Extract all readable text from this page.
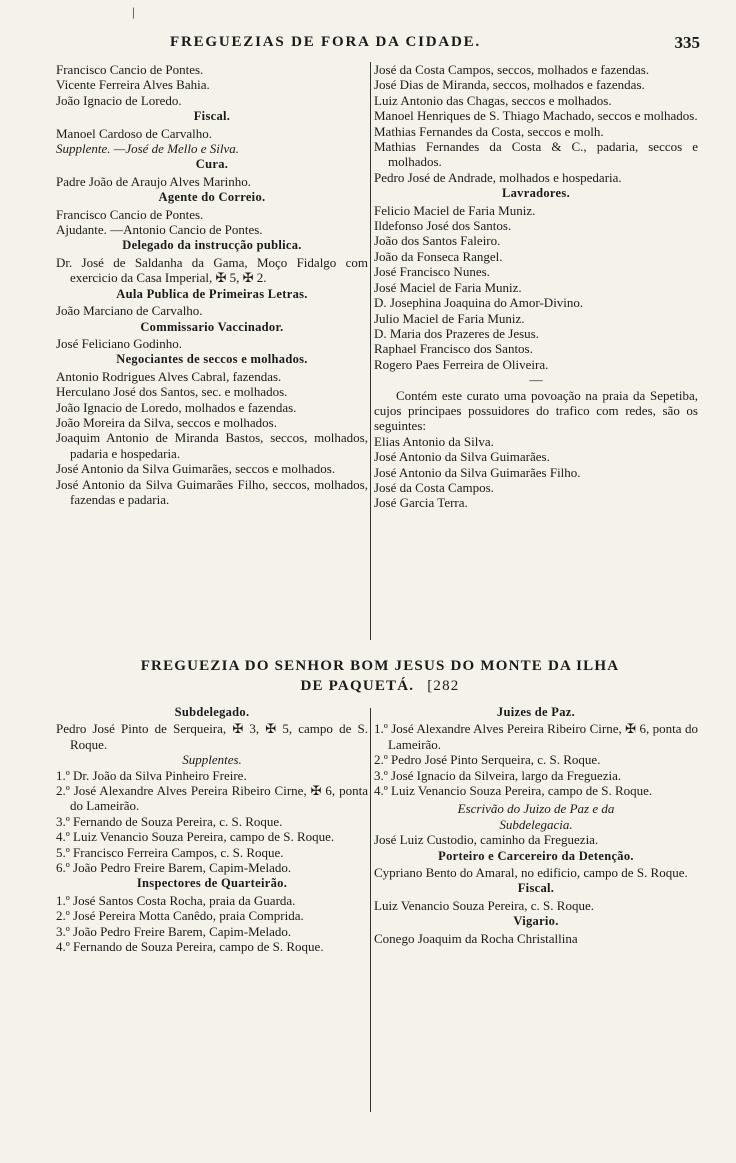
|
FREGUEZIAS DE FORA DA CIDADE.	335
Francisco Cancio de Pontes.
Vicente Ferreira Alves Bahia.
João Ignacio de Loredo.
Fiscal.
Manoel Cardoso de Carvalho.
Supplente. —José de Mello e Silva.
Cura.
Padre João de Araujo Alves Marinho.
Agente do Correio.
Francisco Cancio de Pontes.
Ajudante. —Antonio Cancio de Pontes.
Delegado da instrucção publica.
Dr. José de Saldanha da Gama, Moço Fidalgo com exercicio da Casa Imperial, ✠ 5, ✠ 2.
Aula Publica de Primeiras Letras.
João Marciano de Carvalho.
Commissario Vaccinador.
José Feliciano Godinho.
Negociantes de seccos e molhados.
Antonio Rodrigues Alves Cabral, fazendas.
Herculano José dos Santos, sec. e molhados.
João Ignacio de Loredo, molhados e fazendas.
João Moreira da Silva, seccos e molhados.
Joaquim Antonio de Miranda Bastos, seccos, molhados, padaria e hospedaria.
José Antonio da Silva Guimarães, seccos e molhados.
José Antonio da Silva Guimarães Filho, seccos, molhados, fazendas e padaria.
José da Costa Campos, seccos, molhados e fazendas.
José Dias de Miranda, seccos, molhados e fazendas.
Luiz Antonio das Chagas, seccos e molhados.
Manoel Henriques de S. Thiago Machado, seccos e molhados.
Mathias Fernandes da Costa, seccos e molh.
Mathias Fernandes da Costa & C., padaria, seccos e molhados.
Pedro José de Andrade, molhados e hospedaria.
Lavradores.
Felicio Maciel de Faria Muniz.
Ildefonso José dos Santos.
João dos Santos Faleiro.
João da Fonseca Rangel.
José Francisco Nunes.
José Maciel de Faria Muniz.
D. Josephina Joaquina do Amor-Divino.
Julio Maciel de Faria Muniz.
D. Maria dos Prazeres de Jesus.
Raphael Francisco dos Santos.
Rogero Paes Ferreira de Oliveira.
—
Contém este curato uma povoação na praia da Sepetiba, cujos principaes possuidores do trafico com redes, são os seguintes:
Elias Antonio da Silva.
José Antonio da Silva Guimarães.
José Antonio da Silva Guimarães Filho.
José da Costa Campos.
José Garcia Terra.
FREGUEZIA DO SENHOR BOM JESUS DO MONTE DA ILHA
DE PAQUETÁ. [282
Subdelegado.
Pedro José Pinto de Serqueira, ✠ 3, ✠ 5, campo de S. Roque.
Supplentes.
1.º Dr. João da Silva Pinheiro Freire.
2.º José Alexandre Alves Pereira Ribeiro Cirne, ✠ 6, ponta do Lameirão.
3.º Fernando de Souza Pereira, c. S. Roque.
4.º Luiz Venancio Souza Pereira, campo de S. Roque.
5.º Francisco Ferreira Campos, c. S. Roque.
6.º João Pedro Freire Barem, Capim-Melado.
Inspectores de Quarteirão.
1.º José Santos Costa Rocha, praia da Guarda.
2.º José Pereira Motta Canêdo, praia Comprida.
3.º João Pedro Freire Barem, Capim-Melado.
4.º Fernando de Souza Pereira, campo de S. Roque.
Juizes de Paz.
1.º José Alexandre Alves Pereira Ribeiro Cirne, ✠ 6, ponta do Lameirão.
2.º Pedro José Pinto Serqueira, c. S. Roque.
3.º José Ignacio da Silveira, largo da Freguezia.
4.º Luiz Venancio Souza Pereira, campo de S. Roque.
Escrivão do Juizo de Paz e da
Subdelegacia.
José Luiz Custodio, caminho da Freguezia.
Porteiro e Carcereiro da Detenção.
Cypriano Bento do Amaral, no edificio, campo de S. Roque.
Fiscal.
Luiz Venancio Souza Pereira, c. S. Roque.
Vigario.
Conego Joaquim da Rocha Christallina
